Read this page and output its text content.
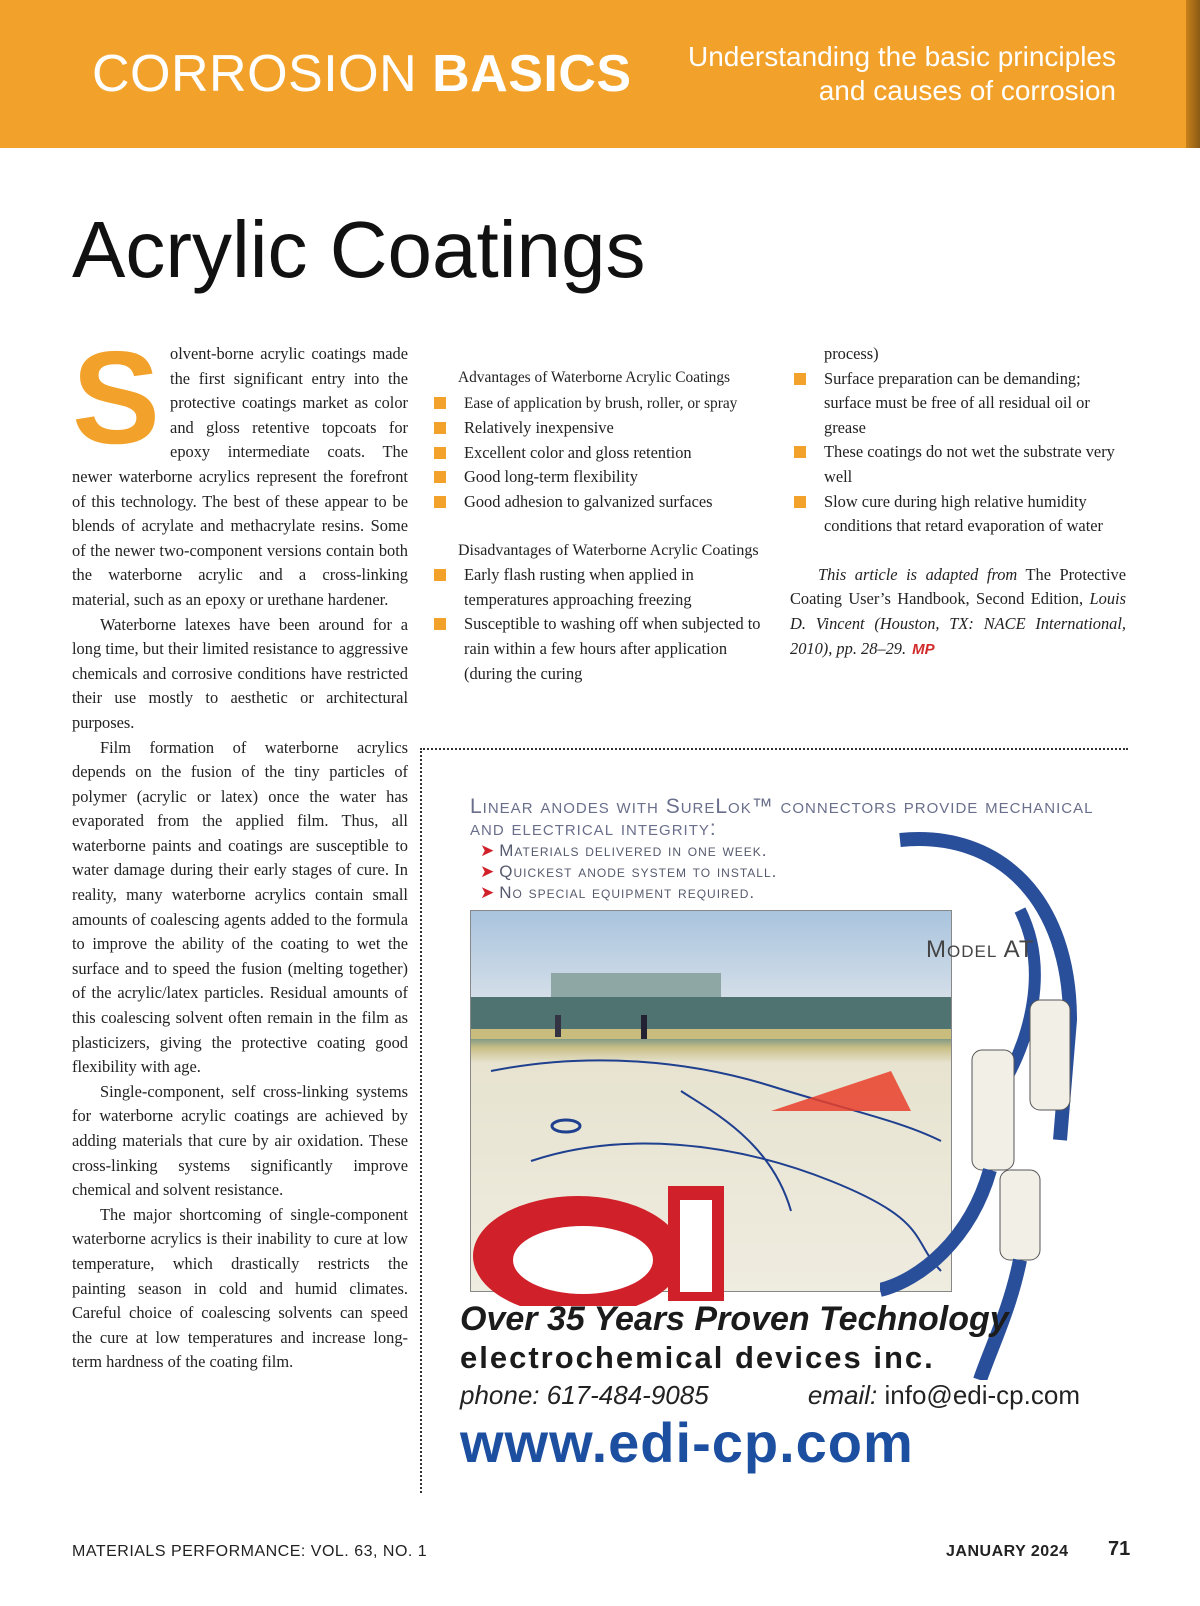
CORROSION BASICS	Understanding the basic principles
and causes of corrosion
Acrylic Coatings

Solvent-borne acrylic coatings made the first significant entry into the protective coatings market as color and gloss retentive topcoats for epoxy intermediate coats. The newer waterborne acrylics represent the forefront of this technology. The best of these appear to be blends of acrylate and methacrylate resins. Some of the newer two-component versions contain both the waterborne acrylic and a cross-linking material, such as an epoxy or urethane hardener.

Waterborne latexes have been around for a long time, but their limited resistance to aggressive chemicals and corrosive conditions have restricted their use mostly to aesthetic or architectural purposes.

Film formation of waterborne acrylics depends on the fusion of the tiny particles of polymer (acrylic or latex) once the water has evaporated from the applied film. Thus, all waterborne paints and coatings are susceptible to water damage during their early stages of cure. In reality, many waterborne acrylics contain small amounts of coalescing agents added to the formula to improve the ability of the coating to wet the surface and to speed the fusion (melting together) of the acrylic/latex particles. Residual amounts of this coalescing solvent often remain in the film as plasticizers, giving the protective coating good flexibility with age.

Single-component, self cross-linking systems for waterborne acrylic coatings are achieved by adding materials that cure by air oxidation. These cross-linking systems significantly improve chemical and solvent resistance.

The major shortcoming of single-component waterborne acrylics is their inability to cure at low temperature, which drastically restricts the painting season in cold and humid climates. Careful choice of coalescing solvents can speed the cure at low temperatures and increase long-term hardness of the coating film.

Advantages of Waterborne Acrylic Coatings
Ease of application by brush, roller, or spray
Relatively inexpensive
Excellent color and gloss retention
Good long-term flexibility
Good adhesion to galvanized surfaces
Disadvantages of Waterborne Acrylic Coatings
Early flash rusting when applied in temperatures approaching freezing
Susceptible to washing off when subjected to rain within a few hours after application (during the curing
process)
Surface preparation can be demanding; surface must be free of all residual oil or grease
These coatings do not wet the substrate very well
Slow cure during high relative humidity conditions that retard evaporation of water
This article is adapted from The Protective Coating User’s Handbook, Second Edition, Louis D. Vincent (Houston, TX: NACE International, 2010), pp. 28–29. MP
Linear anodes with SureLok™ connectors provide mechanical and electrical integrity:
➤ Materials delivered in one week.
➤ Quickest anode system to install.
➤ No special equipment required.
Model AT
Over 35 Years Proven Technology
electrochemical devices inc.
phone: 617-484-9085	email: info@edi-cp.com
www.edi-cp.com
MATERIALS PERFORMANCE: VOL. 63, NO. 1	JANUARY 2024 71
